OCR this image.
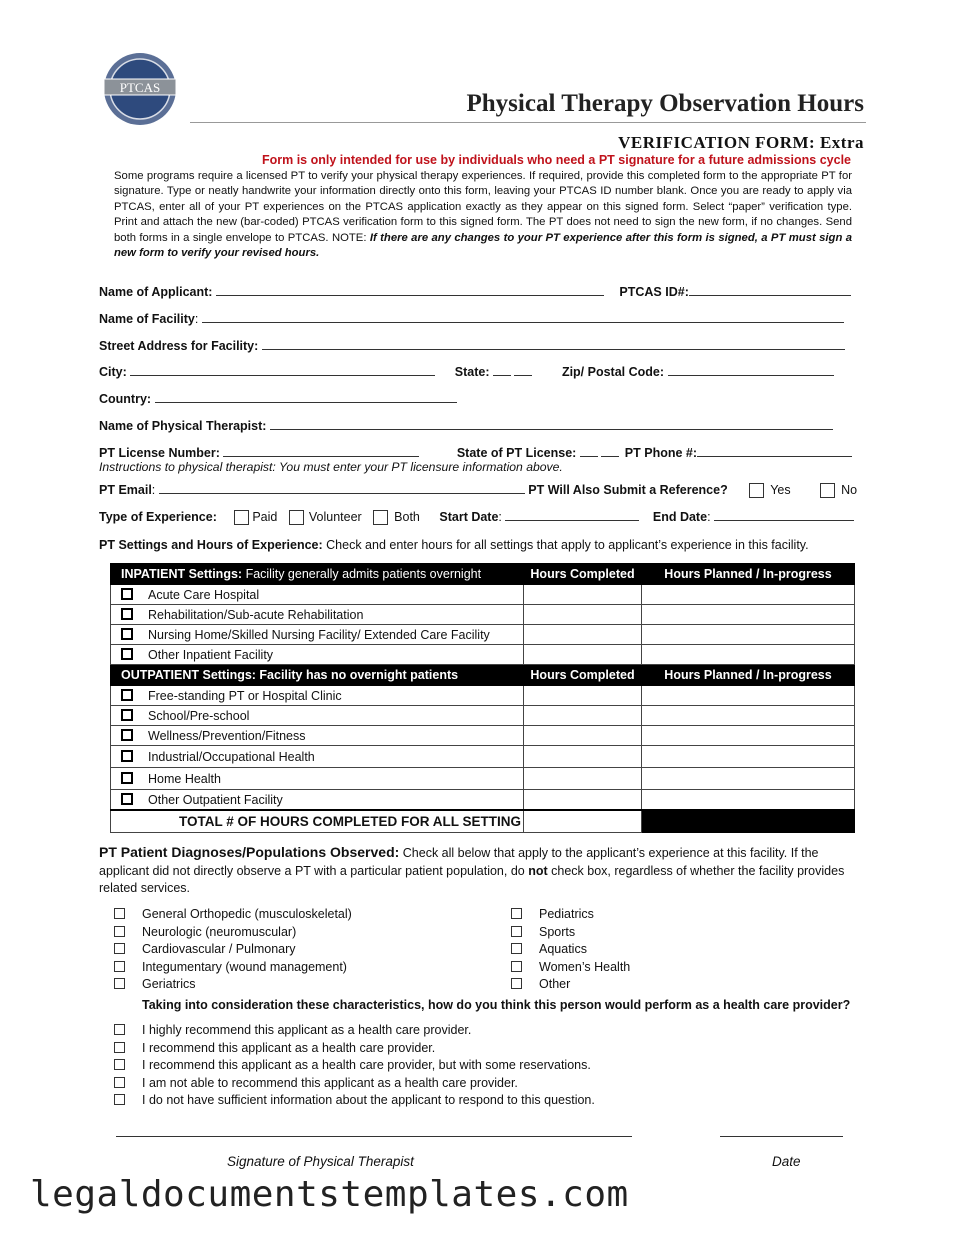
PTCAS
Physical Therapy Observation Hours
VERIFICATION FORM: Extra
Form is only intended for use by individuals who need a PT signature for a future admissions cycle
Some programs require a licensed PT to verify your physical therapy experiences. If required, provide this completed form to the appropriate PT for signature. Type or neatly handwrite your information directly onto this form, leaving your PTCAS ID number blank. Once you are ready to apply via PTCAS, enter all of your PT experiences on the PTCAS application exactly as they appear on this signed form. Select “paper” verification type. Print and attach the new (bar-coded) PTCAS verification form to this signed form. The PT does not need to sign the new form, if no changes. Send both forms in a single envelope to PTCAS. NOTE: If there are any changes to your PT experience after this form is signed, a PT must sign a new form to verify your revised hours.
Name of Applicant:	PTCAS ID#:
Name of Facility:
Street Address for Facility:
City:	State:	Zip/ Postal Code:
Country:
Name of Physical Therapist:
PT License Number:	State of PT License:	PT Phone #:
Instructions to physical therapist: You must enter your PT licensure information above.
PT Email:	PT Will Also Submit a Reference?	Yes	No
Type of Experience:	Paid	Volunteer	Both Start Date:	End Date:
PT Settings and Hours of Experience: Check and enter hours for all settings that apply to applicant’s experience in this facility.
INPATIENT Settings: Facility generally admits patients overnight	Hours Completed	Hours Planned / In-progress
Acute Care Hospital		
Rehabilitation/Sub-acute Rehabilitation		
Nursing Home/Skilled Nursing Facility/ Extended Care Facility		
Other Inpatient Facility		
OUTPATIENT Settings: Facility has no overnight patients	Hours Completed	Hours Planned / In-progress
Free-standing PT or Hospital Clinic		
School/Pre-school		
Wellness/Prevention/Fitness		
Industrial/Occupational Health		
Home Health		
Other Outpatient Facility		
TOTAL # OF HOURS COMPLETED FOR ALL SETTING		
PT Patient Diagnoses/Populations Observed: Check all below that apply to the applicant’s experience at this facility. If the applicant did not directly observe a PT with a particular patient population, do not check box, regardless of whether the facility provides related services.
General Orthopedic (musculoskeletal)
Neurologic (neuromuscular)
Cardiovascular / Pulmonary
Integumentary (wound management)
Geriatrics
Pediatrics
Sports
Aquatics
Women’s Health
Other
Taking into consideration these characteristics, how do you think this person would perform as a health care provider?
I highly recommend this applicant as a health care provider.
I recommend this applicant as a health care provider.
I recommend this applicant as a health care provider, but with some reservations.
I am not able to recommend this applicant as a health care provider.
I do not have sufficient information about the applicant to respond to this question.
Signature of Physical Therapist	Date
legaldocumentstemplates.com
